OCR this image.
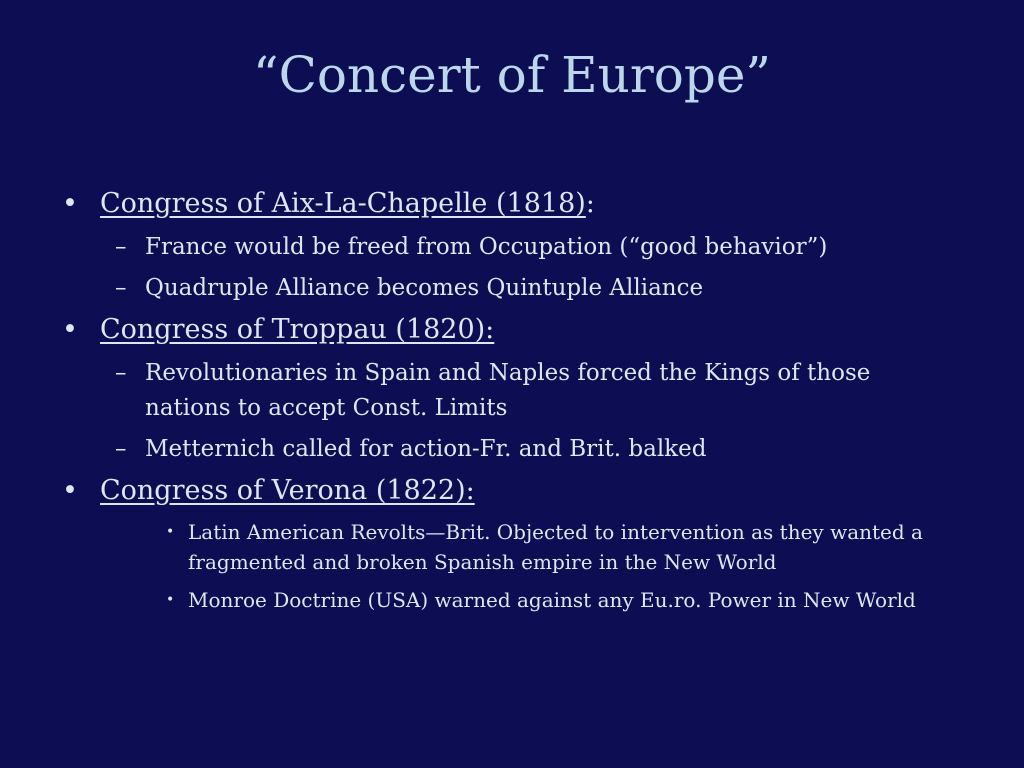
“Concert of Europe”
• Congress of Aix-La-Chapelle (1818):
– France would be freed from Occupation (“good behavior”)
– Quadruple Alliance becomes Quintuple Alliance
• Congress of Troppau (1820):
– Revolutionaries in Spain and Naples forced the Kings of those nations to accept Const. Limits
– Metternich called for action-Fr. and Brit. balked
• Congress of Verona (1822):
• Latin American Revolts—Brit. Objected to intervention as they wanted a fragmented and broken Spanish empire in the New World
• Monroe Doctrine (USA) warned against any Eu.ro. Power in New World
